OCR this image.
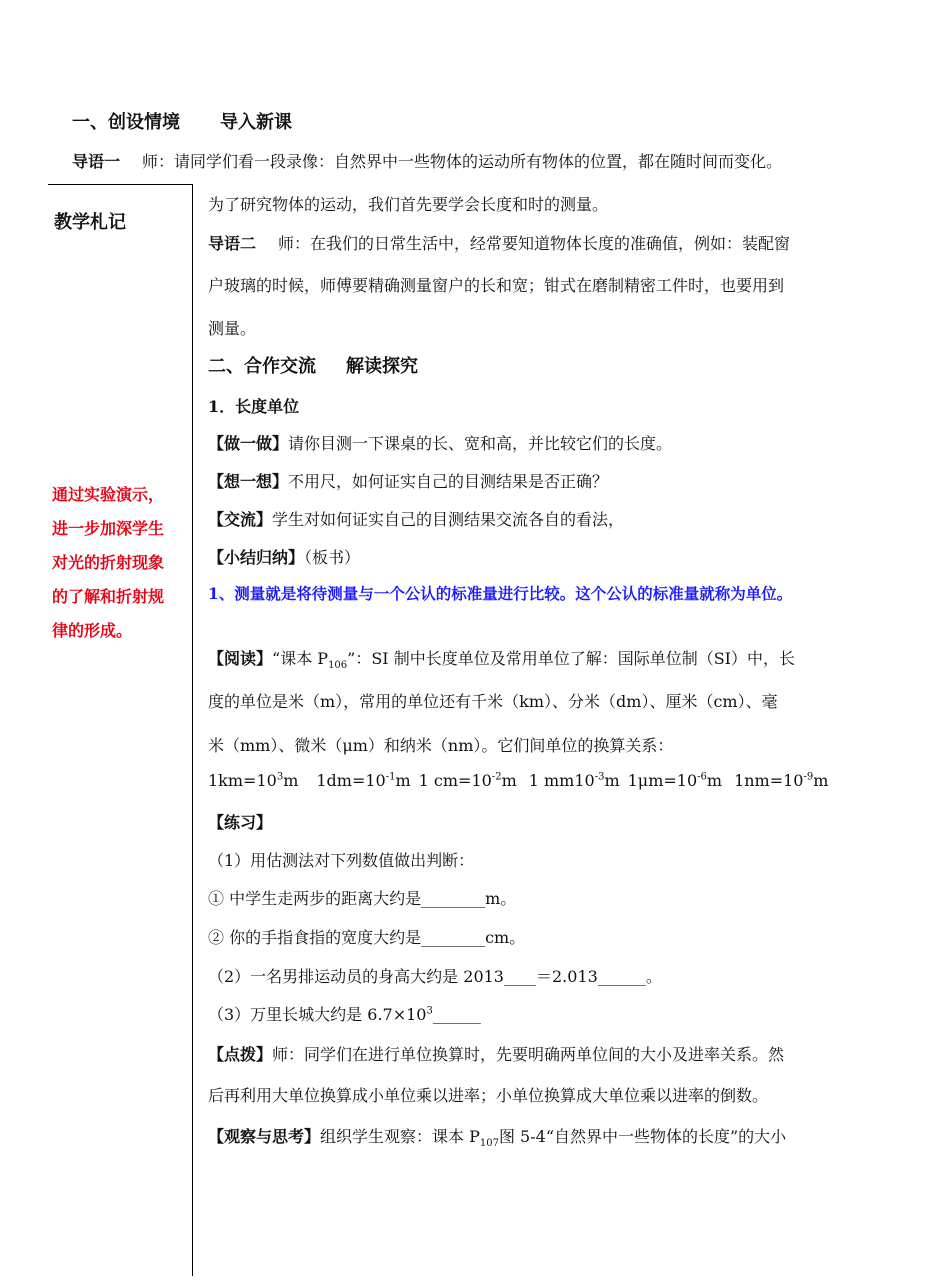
一、创设情境 导入新课
导语一 师：请同学们看一段录像：自然界中一些物体的运动所有物体的位置，都在随时间而变化。
教学札记
通过实验演示，
进一步加深学生
对光的折射现象
的了解和折射规
律的形成。
为了研究物体的运动，我们首先要学会长度和时的测量。
导语二 师：在我们的日常生活中，经常要知道物体长度的准确值，例如：装配窗
户玻璃的时候，师傅要精确测量窗户的长和宽；钳式在磨制精密工件时，也要用到
测量。
二、合作交流 解读探究
1．长度单位
【做一做】请你目测一下课桌的长、宽和高，并比较它们的长度。
【想一想】不用尺，如何证实自己的目测结果是否正确？
【交流】学生对如何证实自己的目测结果交流各自的看法，
【小结归纳】（板书）
1、测量就是将待测量与一个公认的标准量进行比较。这个公认的标准量就称为单位。
【阅读】“课本 $P_{106}$”：SI 制中长度单位及常用单位了解：国际单位制（SI）中，长
度的单位是米（m），常用的单位还有千米（km）、分米（dm）、厘米（cm）、毫
米（mm）、微米（μm）和纳米（nm）。它们间单位的换算关系：
$1km=10^3m$ $1dm=10^{-1}m$ 1 $cm=10^{-2}m$ 1 $mm10^{-3}m$ $1\mu m=10^{-6}m$ $1nm=10^{-9}m$
【练习】
（1）用估测法对下列数值做出判断：
① 中学生走两步的距离大约是________m。
② 你的手指食指的宽度大约是________cm。
（2）一名男排运动员的身高大约是 2013____＝2.013______。
（3）万里长城大约是 $6.7\times 10^3\_\_\_\_\_\_$
【点拨】师：同学们在进行单位换算时，先要明确两单位间的大小及进率关系。然
后再利用大单位换算成小单位乘以进率；小单位换算成大单位乘以进率的倒数。
【观察与思考】组织学生观察：课本 $P_{107}$图 5-4“自然界中一些物体的长度”的大小
